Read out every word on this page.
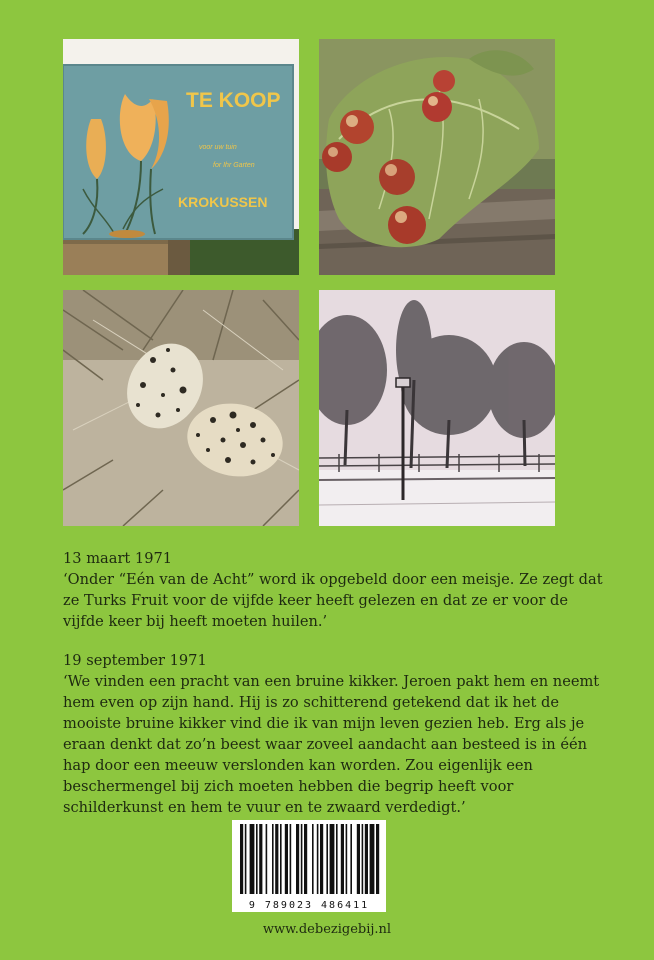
TE KOOP
voor uw tuin
for Ihr Garten
KROKUSSEN
13 maart 1971
‘Onder “Eén van de Acht” word ik opgebeld door een meisje. Ze zegt dat ze Turks Fruit voor de vijfde keer heeft gelezen en dat ze er voor de vijfde keer bij heeft moeten huilen.’
19 september 1971
‘We vinden een pracht van een bruine kikker. Jeroen pakt hem en neemt hem even op zijn hand. Hij is zo schitterend getekend dat ik het de mooiste bruine kikker vind die ik van mijn leven gezien heb. Erg als je eraan denkt dat zo’n beest waar zoveel aandacht aan besteed is in één hap door een meeuw verslonden kan worden. Zou eigenlijk een beschermengel bij zich moeten hebben die begrip heeft voor schilderkunst en hem te vuur en te zwaard verdedigt.’
9 789023 486411
www.debezigebij.nl
